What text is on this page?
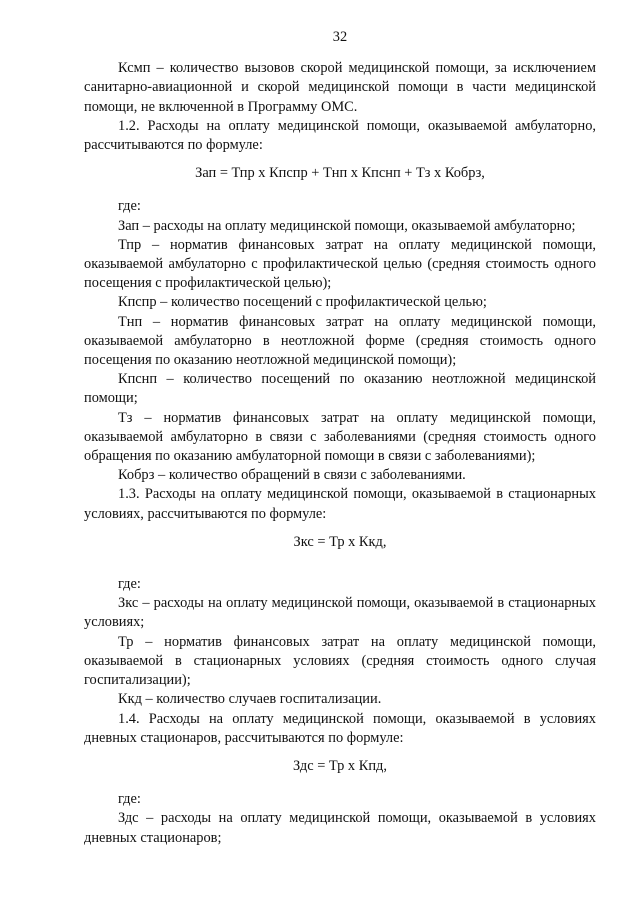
32

Ксмп – количество вызовов скорой медицинской помощи, за исключением санитарно-авиационной и скорой медицинской помощи в части медицинской помощи, не включенной в Программу ОМС.

1.2. Расходы на оплату медицинской помощи, оказываемой амбулаторно, рассчитываются по формуле:

Зап = Тпр х Кпспр + Тнп х Кпснп + Тз х Кобрз,

где:

Зап – расходы на оплату медицинской помощи, оказываемой амбулаторно;

Тпр – норматив финансовых затрат на оплату медицинской помощи, оказываемой амбулаторно с профилактической целью (средняя стоимость одного посещения с профилактической целью);

Кпспр – количество посещений с профилактической целью;

Тнп – норматив финансовых затрат на оплату медицинской помощи, оказываемой амбулаторно в неотложной форме (средняя стоимость одного посещения по оказанию неотложной медицинской помощи);

Кпснп – количество посещений по оказанию неотложной медицинской помощи;

Тз – норматив финансовых затрат на оплату медицинской помощи, оказываемой амбулаторно в связи с заболеваниями (средняя стоимость одного обращения по оказанию амбулаторной помощи в связи с заболеваниями);

Кобрз – количество обращений в связи с заболеваниями.

1.3. Расходы на оплату медицинской помощи, оказываемой в стационарных условиях, рассчитываются по формуле:

Зкс = Тр х Ккд,

где:

Зкс – расходы на оплату медицинской помощи, оказываемой в стационарных условиях;

Тр – норматив финансовых затрат на оплату медицинской помощи, оказываемой в стационарных условиях (средняя стоимость одного случая госпитализации);

Ккд – количество случаев госпитализации.

1.4. Расходы на оплату медицинской помощи, оказываемой в условиях дневных стационаров, рассчитываются по формуле:

Здс = Тр х Кпд,

где:

Здс – расходы на оплату медицинской помощи, оказываемой в условиях дневных стационаров;
